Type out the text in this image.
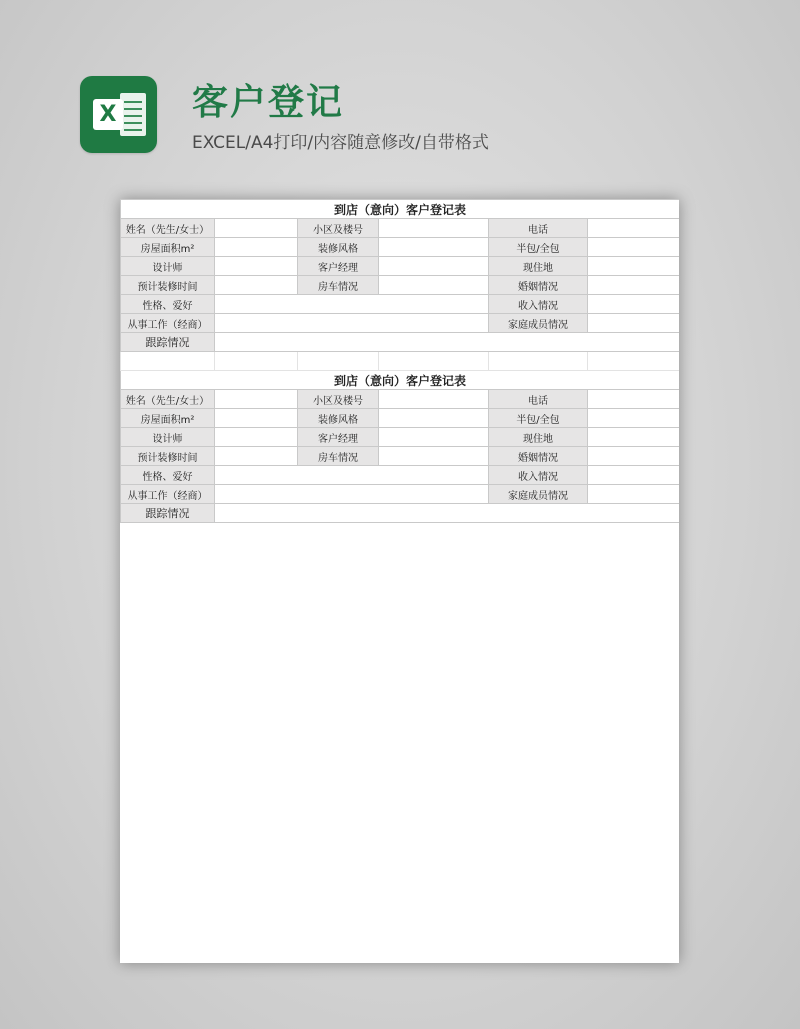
X 客户登记
EXCEL/A4打印/内容随意修改/自带格式
到店（意向）客户登记表					
姓名（先生/女士）		小区及楼号		电话	
房屋面积m²		装修风格		半包/全包	
设计师		客户经理		现住地	
预计装修时间		房车情况		婚姻情况	
性格、爱好				收入情况	
从事工作（经商）				家庭成员情况	
跟踪情况					

到店（意向）客户登记表					
姓名（先生/女士）		小区及楼号		电话	
房屋面积m²		装修风格		半包/全包	
设计师		客户经理		现住地	
预计装修时间		房车情况		婚姻情况	
性格、爱好				收入情况	
从事工作（经商）				家庭成员情况	
跟踪情况					
